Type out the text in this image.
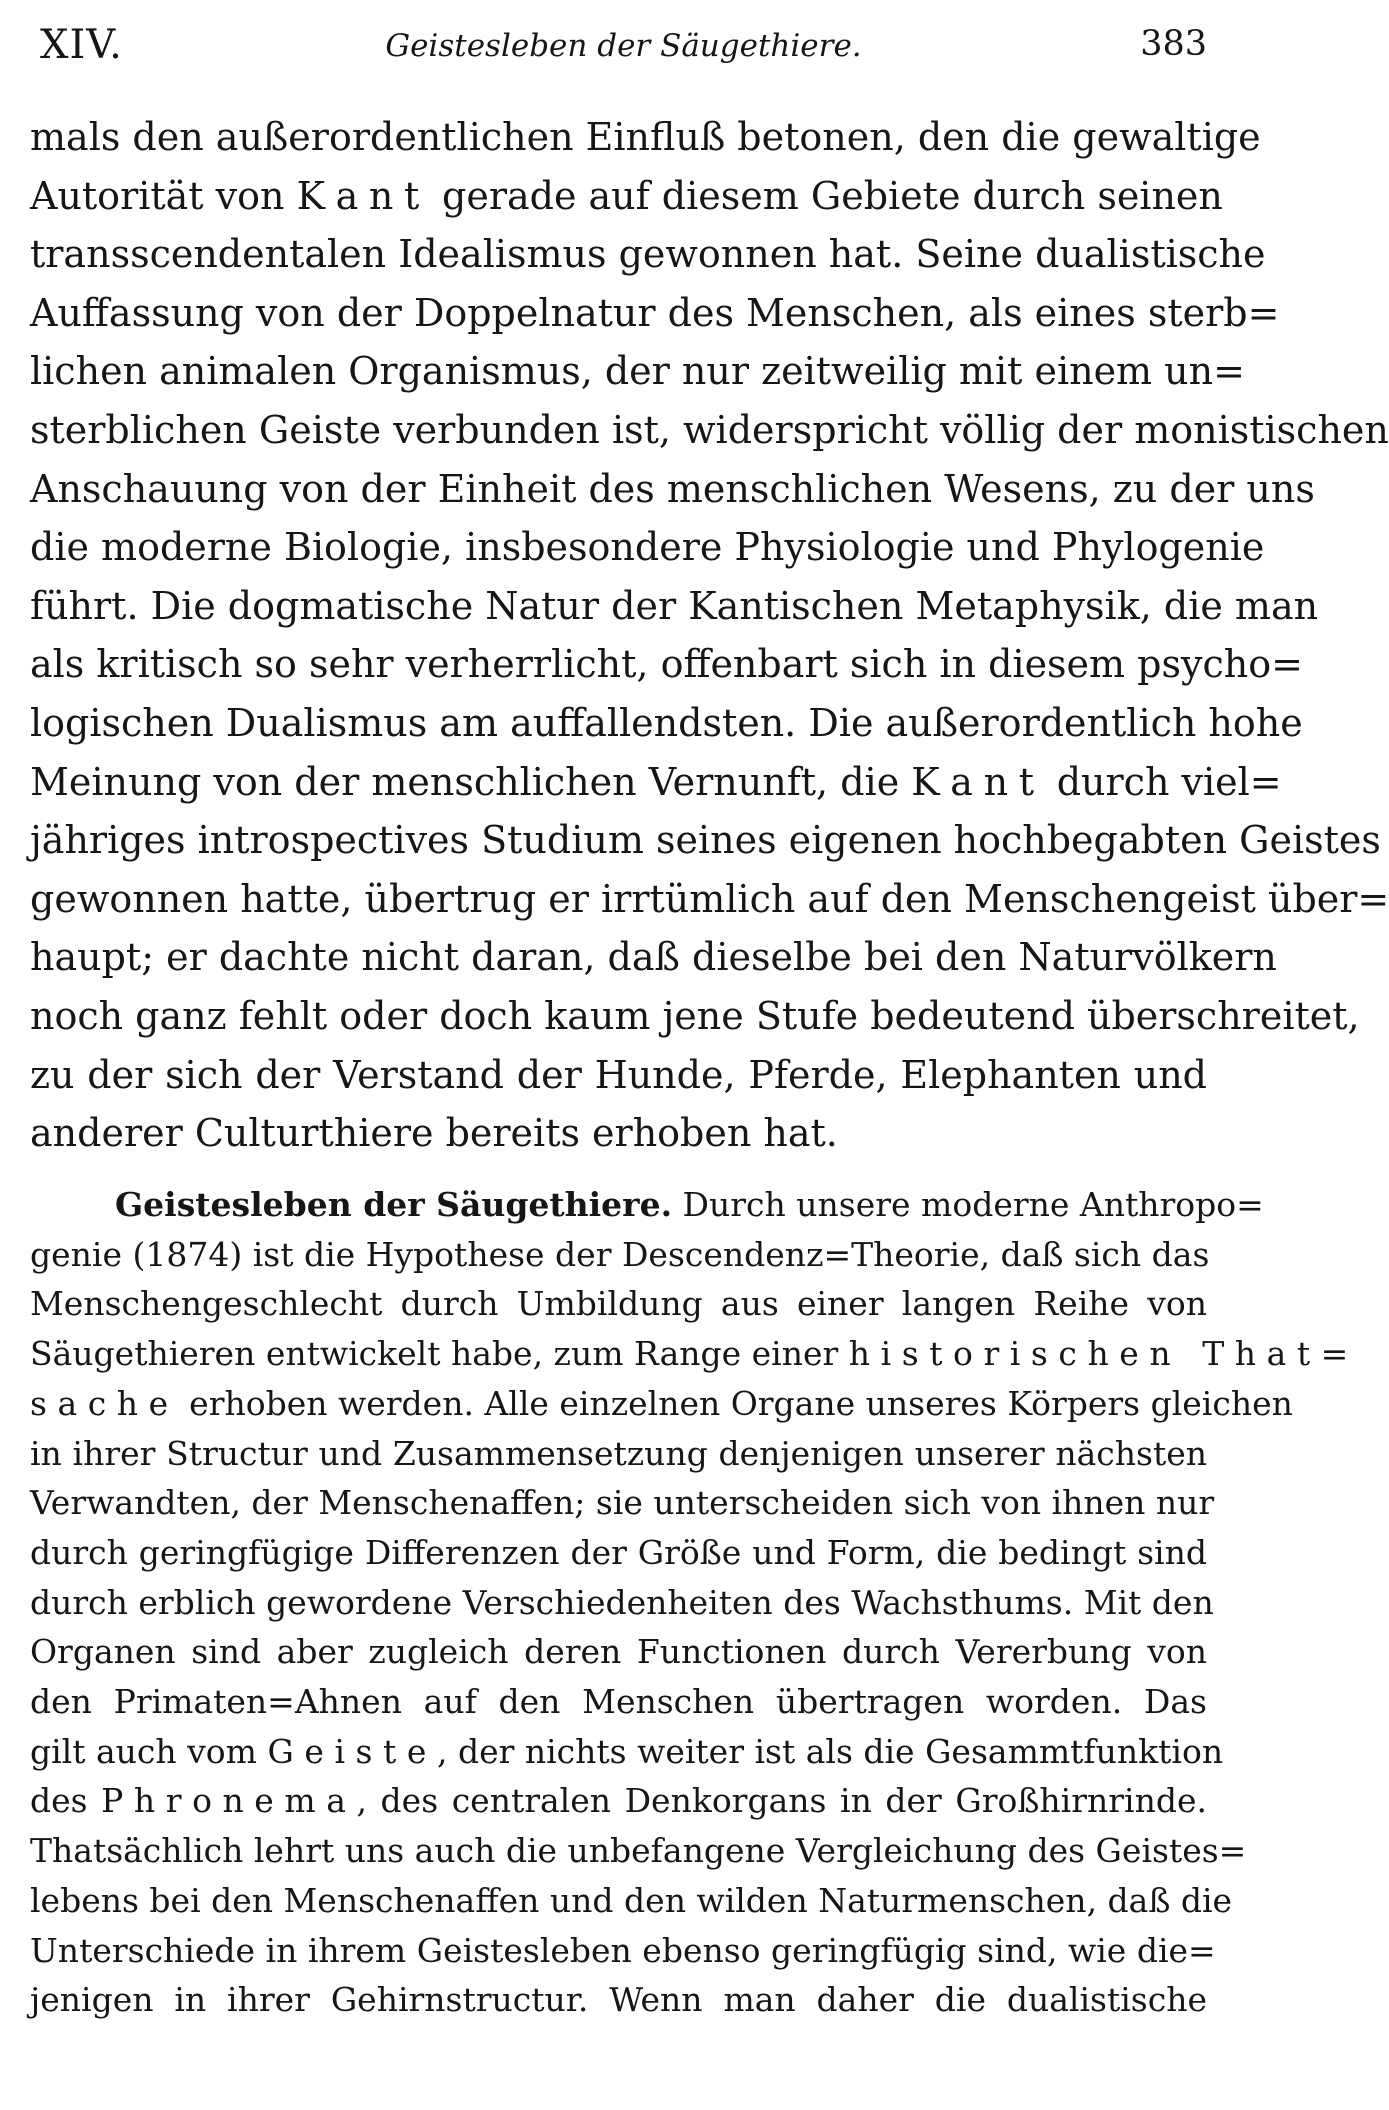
XIV.	Geistesleben der Säugethiere.	383
mals den außerordentlichen Einfluß betonen, den die gewaltige
Autorität von Kant gerade auf diesem Gebiete durch seinen
transscendentalen Idealismus gewonnen hat. Seine dualistische
Auffassung von der Doppelnatur des Menschen, als eines sterb=
lichen animalen Organismus, der nur zeitweilig mit einem un=
sterblichen Geiste verbunden ist, widerspricht völlig der monistischen
Anschauung von der Einheit des menschlichen Wesens, zu der uns
die moderne Biologie, insbesondere Physiologie und Phylogenie
führt. Die dogmatische Natur der Kantischen Metaphysik, die man
als kritisch so sehr verherrlicht, offenbart sich in diesem psycho=
logischen Dualismus am auffallendsten. Die außerordentlich hohe
Meinung von der menschlichen Vernunft, die Kant durch viel=
jähriges introspectives Studium seines eigenen hochbegabten Geistes
gewonnen hatte, übertrug er irrtümlich auf den Menschengeist über=
haupt; er dachte nicht daran, daß dieselbe bei den Naturvölkern
noch ganz fehlt oder doch kaum jene Stufe bedeutend überschreitet,
zu der sich der Verstand der Hunde, Pferde, Elephanten und
anderer Culturthiere bereits erhoben hat.
Geistesleben der Säugethiere. Durch unsere moderne Anthropo=
genie (1874) ist die Hypothese der Descendenz=Theorie, daß sich das
Menschengeschlecht durch Umbildung aus einer langen Reihe von
Säugethieren entwickelt habe, zum Range einer historischen That=
sache erhoben werden. Alle einzelnen Organe unseres Körpers gleichen
in ihrer Structur und Zusammensetzung denjenigen unserer nächsten
Verwandten, der Menschenaffen; sie unterscheiden sich von ihnen nur
durch geringfügige Differenzen der Größe und Form, die bedingt sind
durch erblich gewordene Verschiedenheiten des Wachsthums. Mit den
Organen sind aber zugleich deren Functionen durch Vererbung von
den Primaten=Ahnen auf den Menschen übertragen worden. Das
gilt auch vom Geiste, der nichts weiter ist als die Gesammtfunktion
des Phronema, des centralen Denkorgans in der Großhirnrinde.
Thatsächlich lehrt uns auch die unbefangene Vergleichung des Geistes=
lebens bei den Menschenaffen und den wilden Naturmenschen, daß die
Unterschiede in ihrem Geistesleben ebenso geringfügig sind, wie die=
jenigen in ihrer Gehirnstructur. Wenn man daher die dualistische
